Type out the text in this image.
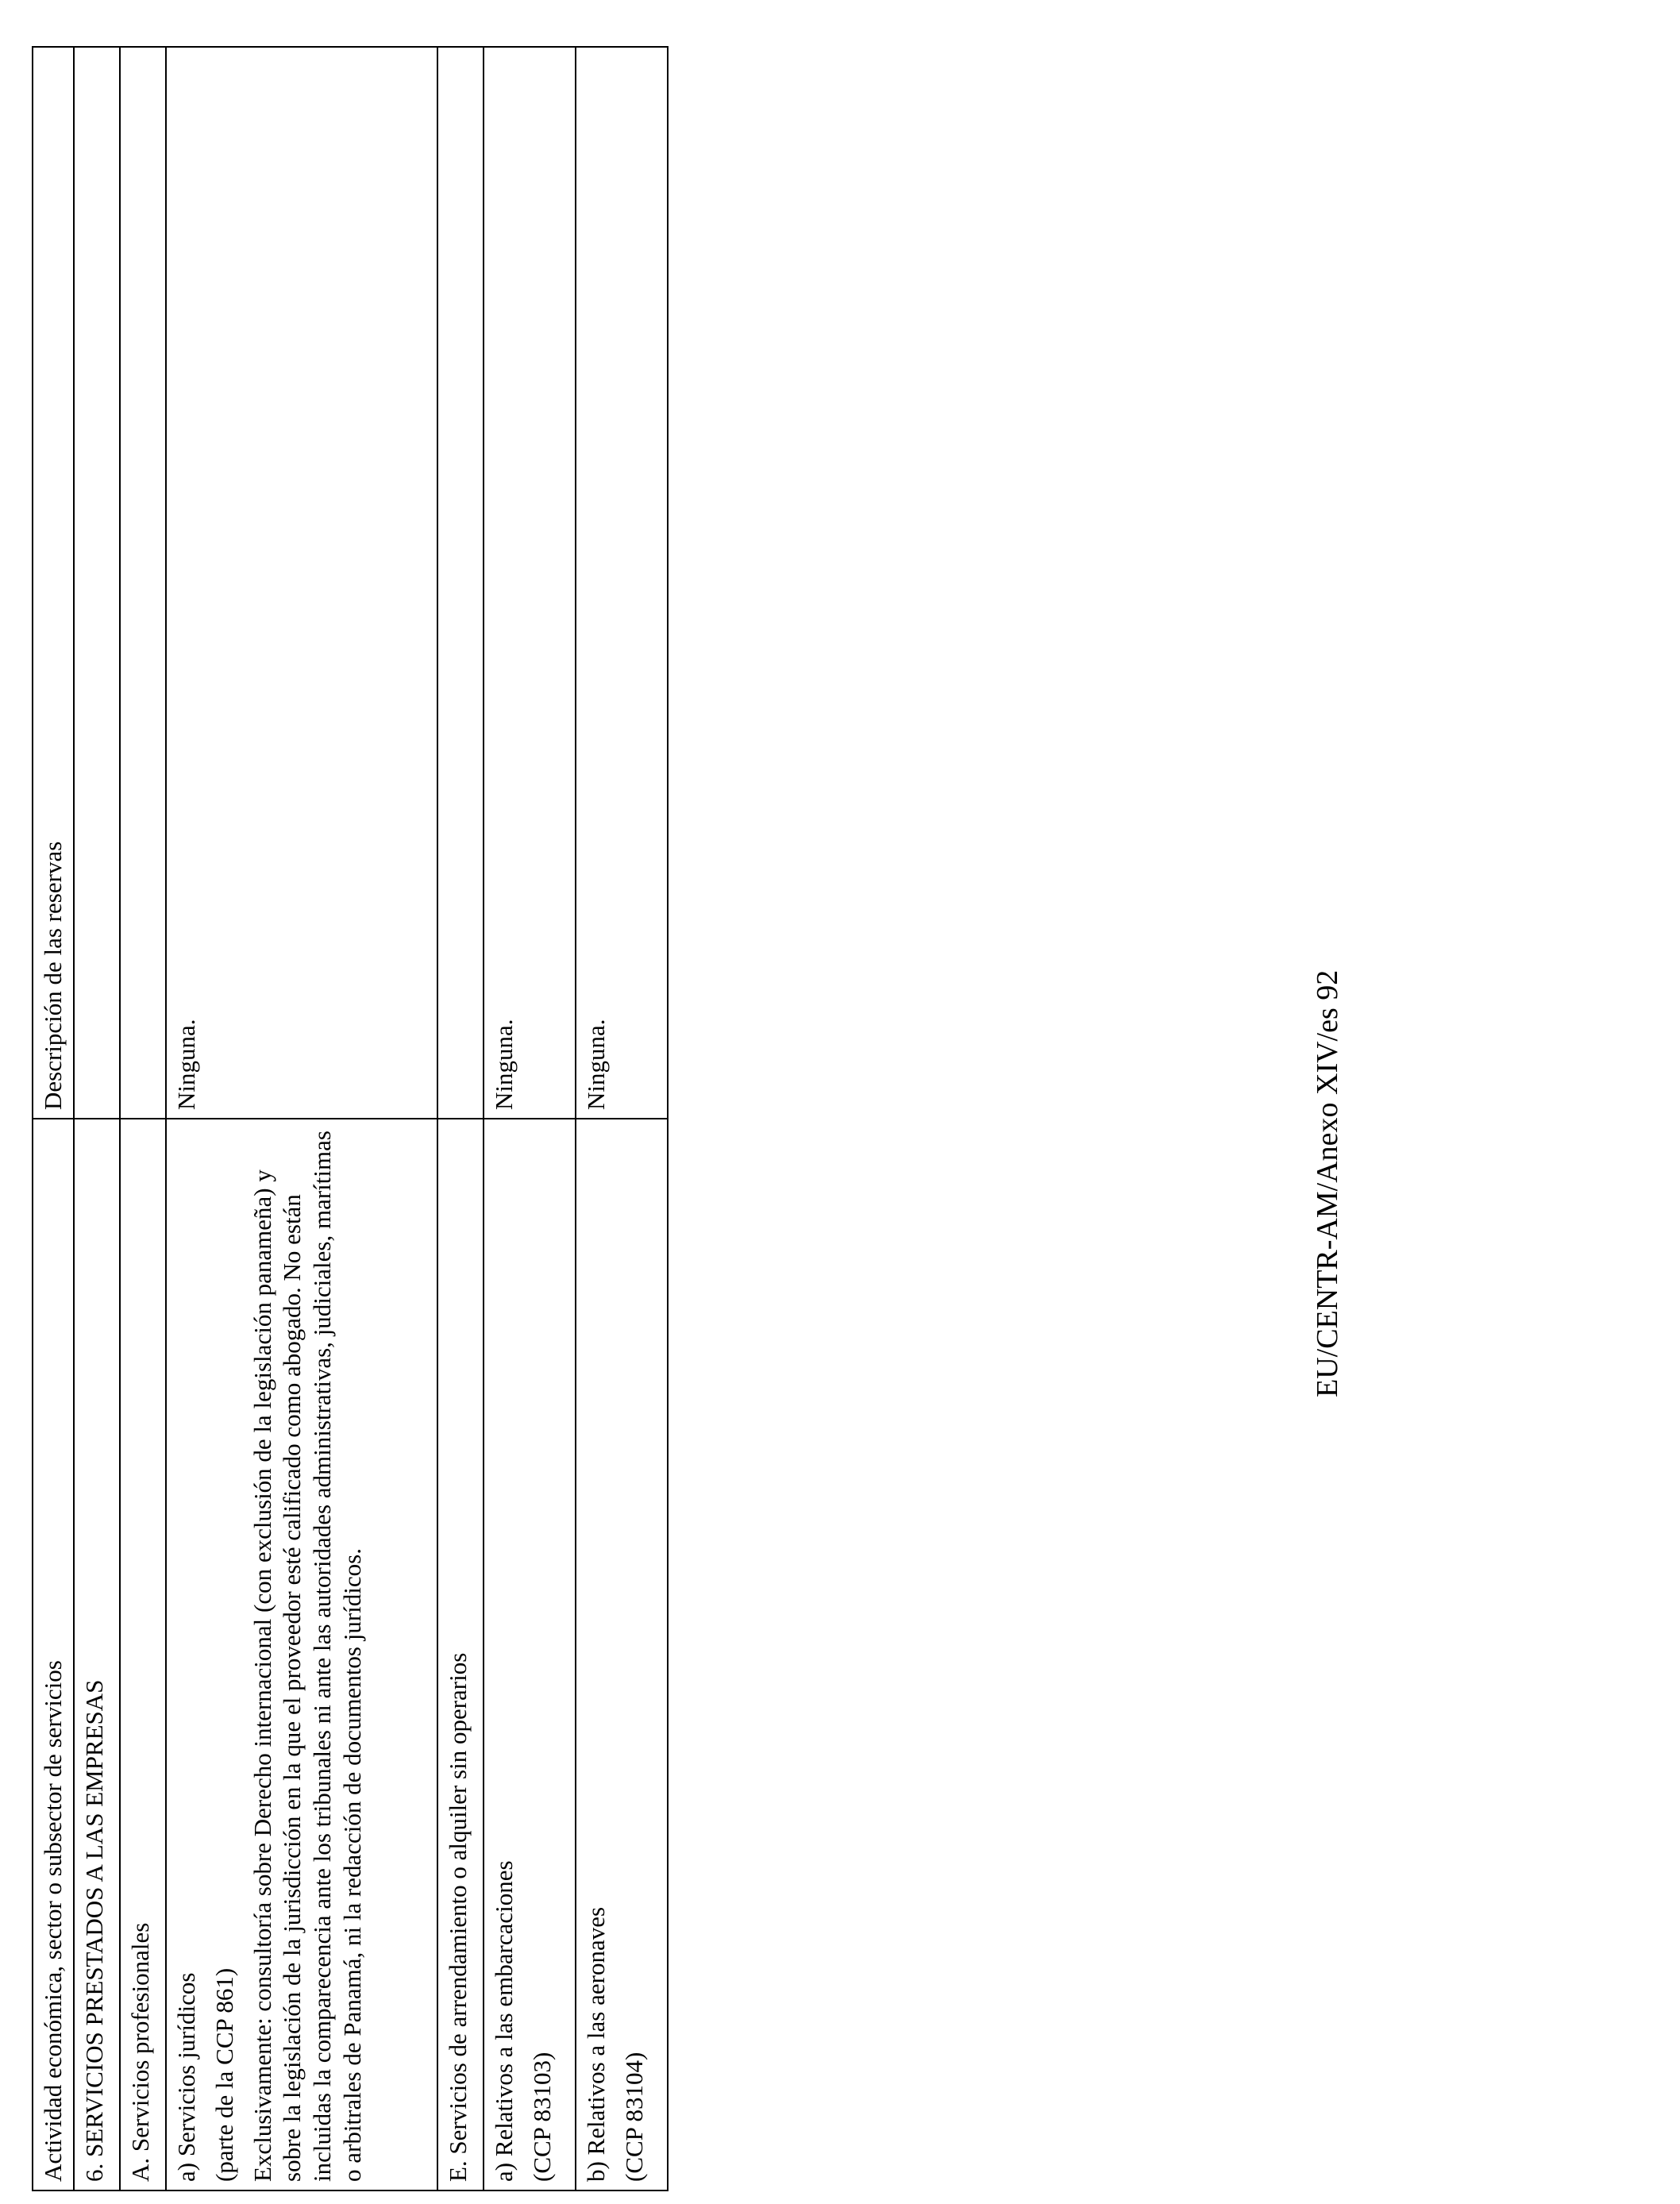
Actividad económica, sector o subsector de servicios	Descripción de las reservas
6. SERVICIOS PRESTADOS A LAS EMPRESAS	
A. Servicios profesionales	

a) Servicios jurídicos (parte de la CCP 861) Exclusivamente: consultoría sobre Derecho internacional (con exclusión de la legislación panameña) y sobre la legislación de la jurisdicción en la que el proveedor esté calificado como abogado. No están incluidas la comparecencia ante los tribunales ni ante las autoridades administrativas, judiciales, marítimas o arbitrales de Panamá, ni la redacción de documentos jurídicos.	Ninguna.
E. Servicios de arrendamiento o alquiler sin operarios	

a) Relativos a las embarcaciones (CCP 83103)	Ninguna.

b) Relativos a las aeronaves (CCP 83104)	Ninguna.	EU/CENTR-AM/Anexo XIV/es 92
